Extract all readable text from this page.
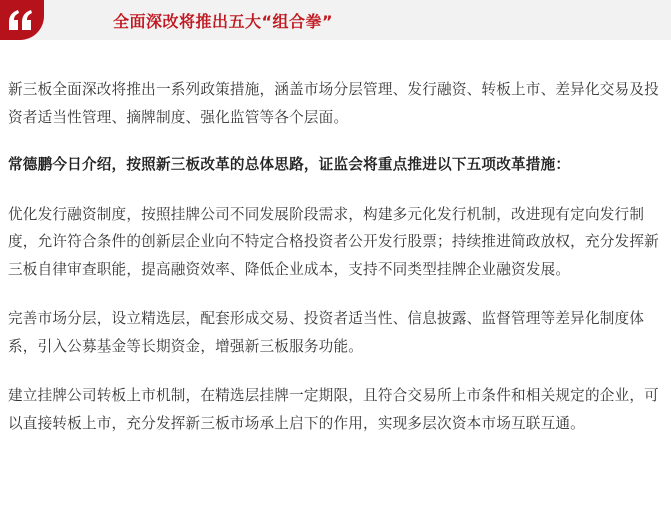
全面深改将推出五大“组合拳”

新三板全面深改将推出一系列政策措施，涵盖市场分层管理、发行融资、转板上市、差异化交易及投资者适当性管理、摘牌制度、强化监管等各个层面。

常德鹏今日介绍，按照新三板改革的总体思路，证监会将重点推进以下五项改革措施：

优化发行融资制度，按照挂牌公司不同发展阶段需求，构建多元化发行机制，改进现有定向发行制度，允许符合条件的创新层企业向不特定合格投资者公开发行股票；持续推进简政放权，充分发挥新三板自律审查职能，提高融资效率、降低企业成本，支持不同类型挂牌企业融资发展。

完善市场分层，设立精选层，配套形成交易、投资者适当性、信息披露、监督管理等差异化制度体系，引入公募基金等长期资金，增强新三板服务功能。

建立挂牌公司转板上市机制，在精选层挂牌一定期限，且符合交易所上市条件和相关规定的企业，可以直接转板上市，充分发挥新三板市场承上启下的作用，实现多层次资本市场互联互通。
